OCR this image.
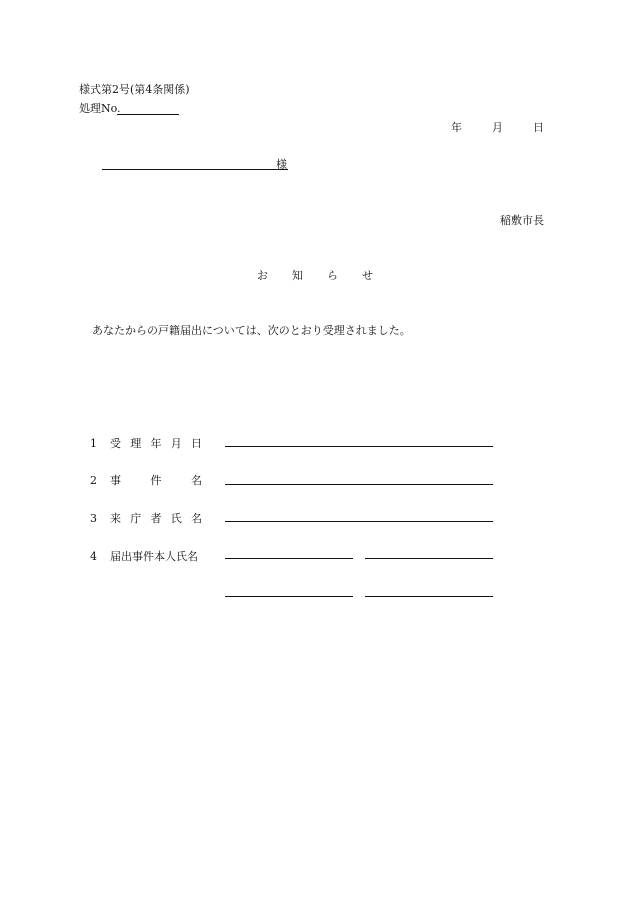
様式第2号(第4条関係)
処理No.
年	月	日
様
稲敷市長
お 知 ら せ
あなたからの戸籍届出については、次のとおり受理されました。
1 受 理 年 月 日
2 事	件	名
3 来 庁 者 氏 名
4 届出事件本人氏名
